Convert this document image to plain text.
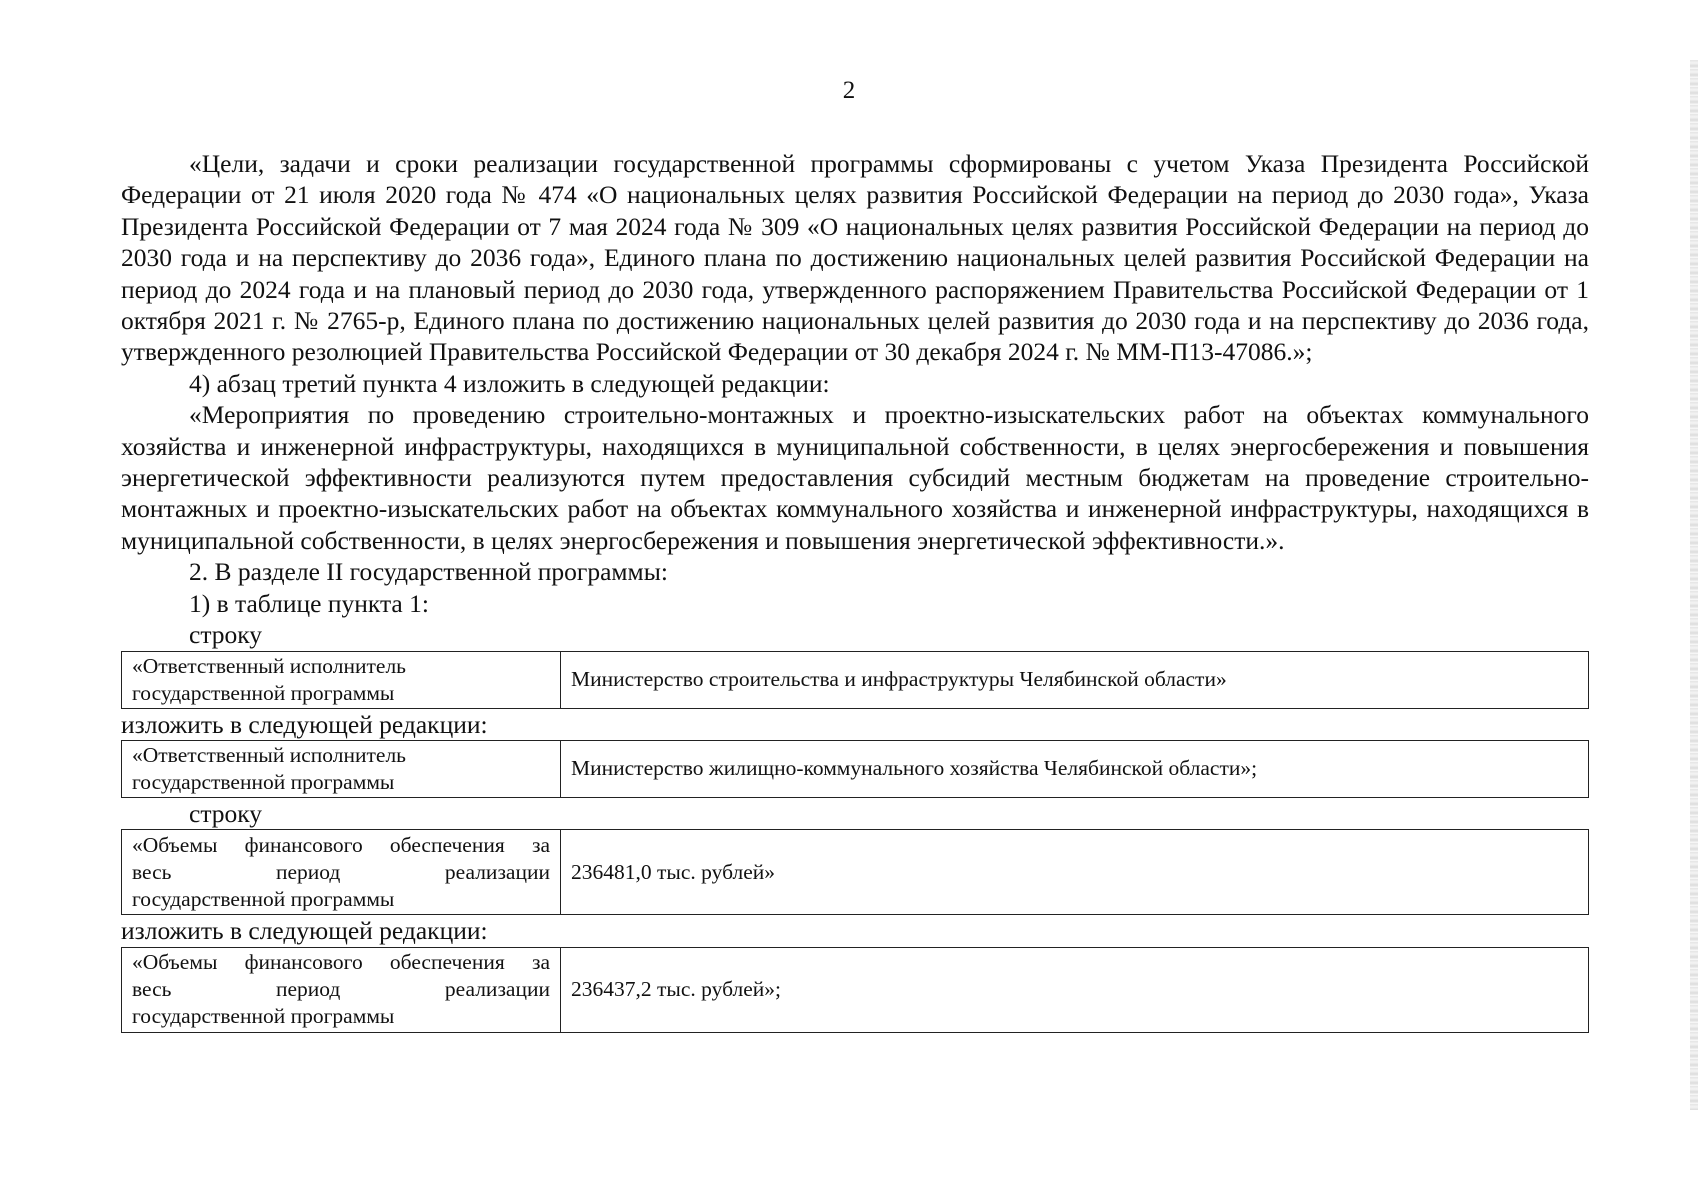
2

«Цели, задачи и сроки реализации государственной программы сформированы с учетом Указа Президента Российской Федерации от 21 июля 2020 года № 474 «О национальных целях развития Российской Федерации на период до 2030 года», Указа Президента Российской Федерации от 7 мая 2024 года № 309 «О национальных целях развития Российской Федерации на период до 2030 года и на перспективу до 2036 года», Единого плана по достижению национальных целей развития Российской Федерации на период до 2024 года и на плановый период до 2030 года, утвержденного распоряжением Правительства Российской Федерации от 1 октября 2021 г. № 2765-р, Единого плана по достижению национальных целей развития до 2030 года и на перспективу до 2036 года, утвержденного резолюцией Правительства Российской Федерации от 30 декабря 2024 г. № ММ-П13-47086.»;

4) абзац третий пункта 4 изложить в следующей редакции:

«Мероприятия по проведению строительно-монтажных и проектно-изыскательских работ на объектах коммунального хозяйства и инженерной инфраструктуры, находящихся в муниципальной собственности, в целях энергосбережения и повышения энергетической эффективности реализуются путем предоставления субсидий местным бюджетам на проведение строительно-монтажных и проектно-изыскательских работ на объектах коммунального хозяйства и инженерной инфраструктуры, находящихся в муниципальной собственности, в целях энергосбережения и повышения энергетической эффективности.».

2. В разделе II государственной программы:

1) в таблице пункта 1:

строку

«Ответственный исполнитель
государственной программы
	Министерство строительства и инфраструктуры Челябинской области»

изложить в следующей редакции:

«Ответственный исполнитель
государственной программы
	Министерство жилищно-коммунального хозяйства Челябинской области»;

строку

«Объемы финансового обеспечения за
весь период реализации
государственной программы
	236481,0 тыс. рублей»

изложить в следующей редакции:

«Объемы финансового обеспечения за
весь период реализации
государственной программы
	236437,2 тыс. рублей»;
